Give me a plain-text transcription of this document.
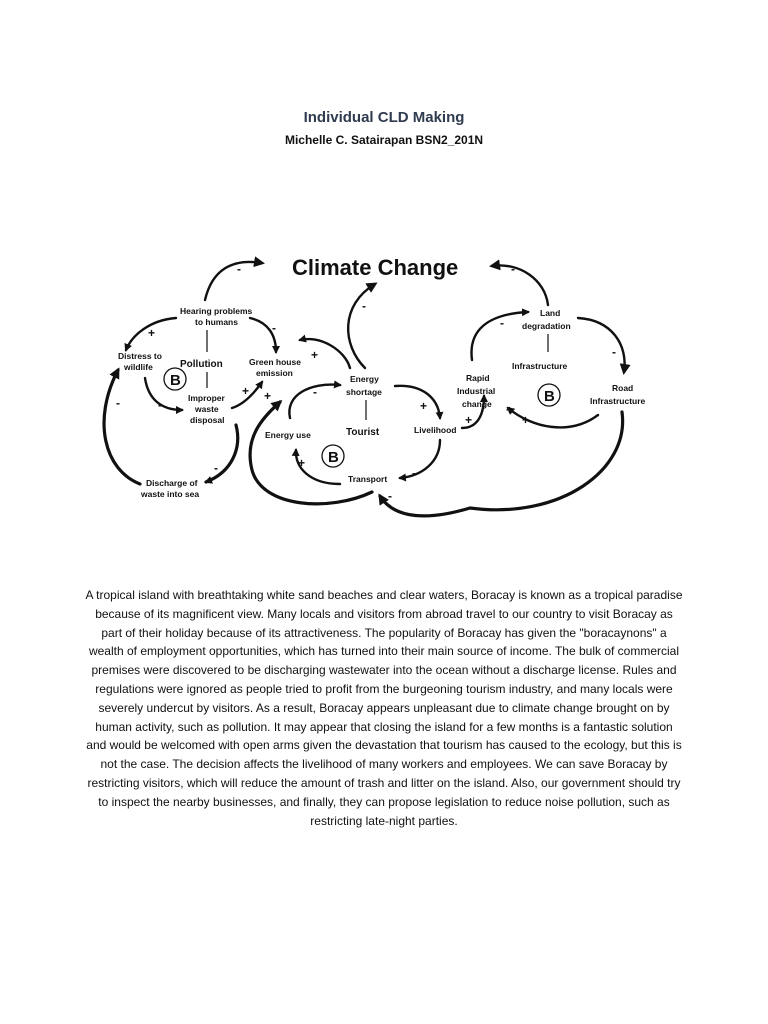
Individual CLD Making
Michelle C. Satairapan BSN2_201N
Climate Change
B
B
B
Hearing problems
to humans
Pollution
Distress to
wildlife	Green house
emission
Improper
waste
disposal
Discharge of
waste into sea
Energy
shortage
Tourist
Energy use	Livelihood
Transport
Land
degradation
Infrastructure
Rapid
Industrial
change
Road
Infrastructure
-	-
-
+	-
-	-
+ +
-
+
-
+
+
-
+
-
-
-
+
+
A tropical island with breathtaking white sand beaches and clear waters, Boracay is known as a tropical paradise because of its magnificent view. Many locals and visitors from abroad travel to our country to visit Boracay as part of their holiday because of its attractiveness. The popularity of Boracay has given the "boracaynons" a wealth of employment opportunities, which has turned into their main source of income. The bulk of commercial premises were discovered to be discharging wastewater into the ocean without a discharge license. Rules and regulations were ignored as people tried to profit from the burgeoning tourism industry, and many locals were severely undercut by visitors. As a result, Boracay appears unpleasant due to climate change brought on by human activity, such as pollution. It may appear that closing the island for a few months is a fantastic solution and would be welcomed with open arms given the devastation that tourism has caused to the ecology, but this is not the case. The decision affects the livelihood of many workers and employees. We can save Boracay by restricting visitors, which will reduce the amount of trash and litter on the island. Also, our government should try to inspect the nearby businesses, and finally, they can propose legislation to reduce noise pollution, such as restricting late-night parties.
